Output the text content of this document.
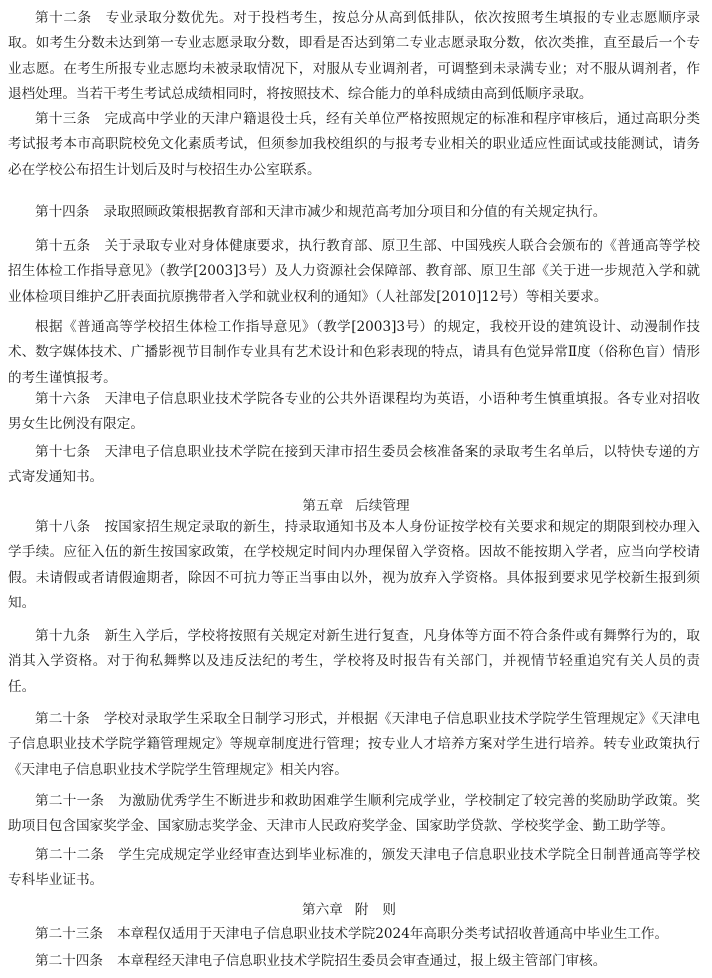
第十二条 专业录取分数优先。对于投档考生，按总分从高到低排队，依次按照考生填报的专业志愿顺序录取。如考生分数未达到第一专业志愿录取分数，即看是否达到第二专业志愿录取分数，依次类推，直至最后一个专业志愿。在考生所报专业志愿均未被录取情况下，对服从专业调剂者，可调整到未录满专业；对不服从调剂者，作退档处理。当若干考生考试总成绩相同时，将按照技术、综合能力的单科成绩由高到低顺序录取。

第十三条 完成高中学业的天津户籍退役士兵，经有关单位严格按照规定的标准和程序审核后，通过高职分类考试报考本市高职院校免文化素质考试，但须参加我校组织的与报考专业相关的职业适应性面试或技能测试，请务必在学校公布招生计划后及时与校招生办公室联系。

第十四条 录取照顾政策根据教育部和天津市减少和规范高考加分项目和分值的有关规定执行。

第十五条 关于录取专业对身体健康要求，执行教育部、原卫生部、中国残疾人联合会颁布的《普通高等学校招生体检工作指导意见》（教学[2003]3号）及人力资源社会保障部、教育部、原卫生部《关于进一步规范入学和就业体检项目维护乙肝表面抗原携带者入学和就业权利的通知》（人社部发[2010]12号）等相关要求。

根据《普通高等学校招生体检工作指导意见》（教学[2003]3号）的规定，我校开设的建筑设计、动漫制作技术、数字媒体技术、广播影视节目制作专业具有艺术设计和色彩表现的特点，请具有色觉异常Ⅱ度（俗称色盲）情形的考生谨慎报考。

第十六条 天津电子信息职业技术学院各专业的公共外语课程均为英语，小语种考生慎重填报。各专业对招收男女生比例没有限定。

第十七条 天津电子信息职业技术学院在接到天津市招生委员会核准备案的录取考生名单后，以特快专递的方式寄发通知书。

第五章 后续管理

第十八条 按国家招生规定录取的新生，持录取通知书及本人身份证按学校有关要求和规定的期限到校办理入学手续。应征入伍的新生按国家政策，在学校规定时间内办理保留入学资格。因故不能按期入学者，应当向学校请假。未请假或者请假逾期者，除因不可抗力等正当事由以外，视为放弃入学资格。具体报到要求见学校新生报到须知。

第十九条 新生入学后，学校将按照有关规定对新生进行复查，凡身体等方面不符合条件或有舞弊行为的，取消其入学资格。对于徇私舞弊以及违反法纪的考生，学校将及时报告有关部门，并视情节轻重追究有关人员的责任。

第二十条 学校对录取学生采取全日制学习形式，并根据《天津电子信息职业技术学院学生管理规定》《天津电子信息职业技术学院学籍管理规定》等规章制度进行管理；按专业人才培养方案对学生进行培养。转专业政策执行《天津电子信息职业技术学院学生管理规定》相关内容。

第二十一条 为激励优秀学生不断进步和救助困难学生顺利完成学业，学校制定了较完善的奖励助学政策。奖助项目包含国家奖学金、国家励志奖学金、天津市人民政府奖学金、国家助学贷款、学校奖学金、勤工助学等。

第二十二条 学生完成规定学业经审查达到毕业标准的，颁发天津电子信息职业技术学院全日制普通高等学校专科毕业证书。

第六章 附则

第二十三条 本章程仅适用于天津电子信息职业技术学院2024年高职分类考试招收普通高中毕业生工作。

第二十四条 本章程经天津电子信息职业技术学院招生委员会审查通过，报上级主管部门审核。
